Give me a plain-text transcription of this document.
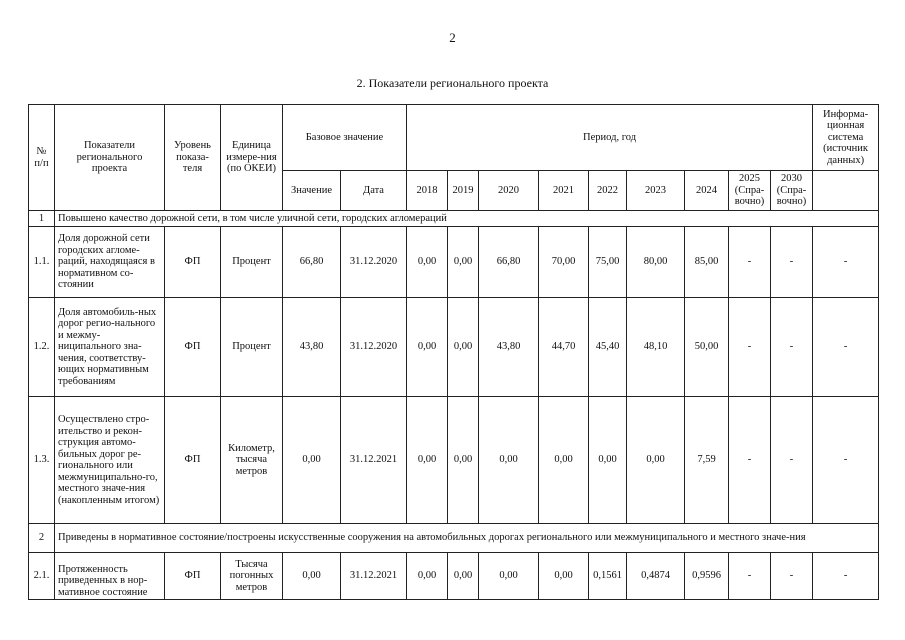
2
2. Показатели регионального проекта
№ п/п	Показатели регионального проекта	Уровень показа-теля	Единица измере-ния (по ОКЕИ)	Базовое значение		Период, год									Информа-ционная система (источник данных)
				Значение	Дата	2018	2019	2020	2021	2022	2023	2024	2025 (Спра-вочно)	2030 (Спра-вочно)	
1	Повышено качество дорожной сети, в том числе уличной сети, городских агломераций														
1.1.	Доля дорожной сети городских агломе-раций, находящаяся в нормативном со-стоянии	ФП	Процент	66,80	31.12.2020	0,00	0,00	66,80	70,00	75,00	80,00	85,00	-	-	-
1.2.	Доля автомобиль-ных дорог регио-нального и межму-ниципального зна-чения, соответству-ющих нормативным требованиям	ФП	Процент	43,80	31.12.2020	0,00	0,00	43,80	44,70	45,40	48,10	50,00	-	-	-
1.3.	Осуществлено стро-ительство и рекон-струкция автомо-бильных дорог ре-гионального или межмуниципально-го, местного значе-ния (накопленным итогом)	ФП	Километр, тысяча метров	0,00	31.12.2021	0,00	0,00	0,00	0,00	0,00	0,00	7,59	-	-	-
2	Приведены в нормативное состояние/построены искусственные сооружения на автомобильных дорогах регионального или межмуниципального и местного значе-ния														
2.1.	Протяженность приведенных в нор-мативное состояние	ФП	Тысяча погонных метров	0,00	31.12.2021	0,00	0,00	0,00	0,00	0,1561	0,4874	0,9596	-	-	-
